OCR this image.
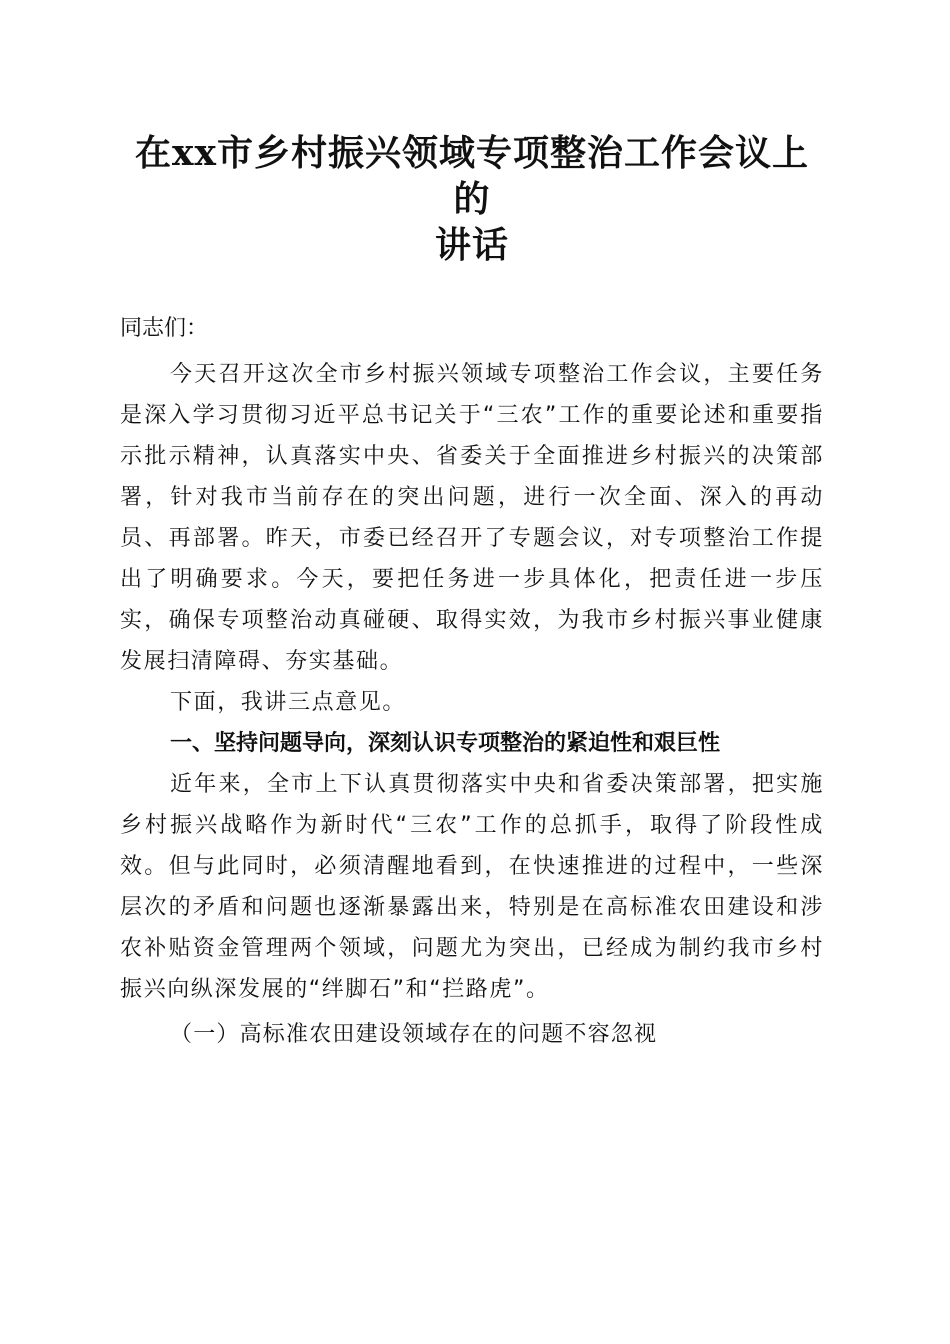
在xx市乡村振兴领域专项整治工作会议上的
讲话

同志们：

今天召开这次全市乡村振兴领域专项整治工作会议，主要任务是深入学习贯彻习近平总书记关于“三农”工作的重要论述和重要指示批示精神，认真落实中央、省委关于全面推进乡村振兴的决策部署，针对我市当前存在的突出问题，进行一次全面、深入的再动员、再部署。昨天，市委已经召开了专题会议，对专项整治工作提出了明确要求。今天，要把任务进一步具体化，把责任进一步压实，确保专项整治动真碰硬、取得实效，为我市乡村振兴事业健康发展扫清障碍、夯实基础。

下面，我讲三点意见。

一、坚持问题导向，深刻认识专项整治的紧迫性和艰巨性

近年来，全市上下认真贯彻落实中央和省委决策部署，把实施乡村振兴战略作为新时代“三农”工作的总抓手，取得了阶段性成效。但与此同时，必须清醒地看到，在快速推进的过程中，一些深层次的矛盾和问题也逐渐暴露出来，特别是在高标准农田建设和涉农补贴资金管理两个领域，问题尤为突出，已经成为制约我市乡村振兴向纵深发展的“绊脚石”和“拦路虎”。

（一）高标准农田建设领域存在的问题不容忽视
